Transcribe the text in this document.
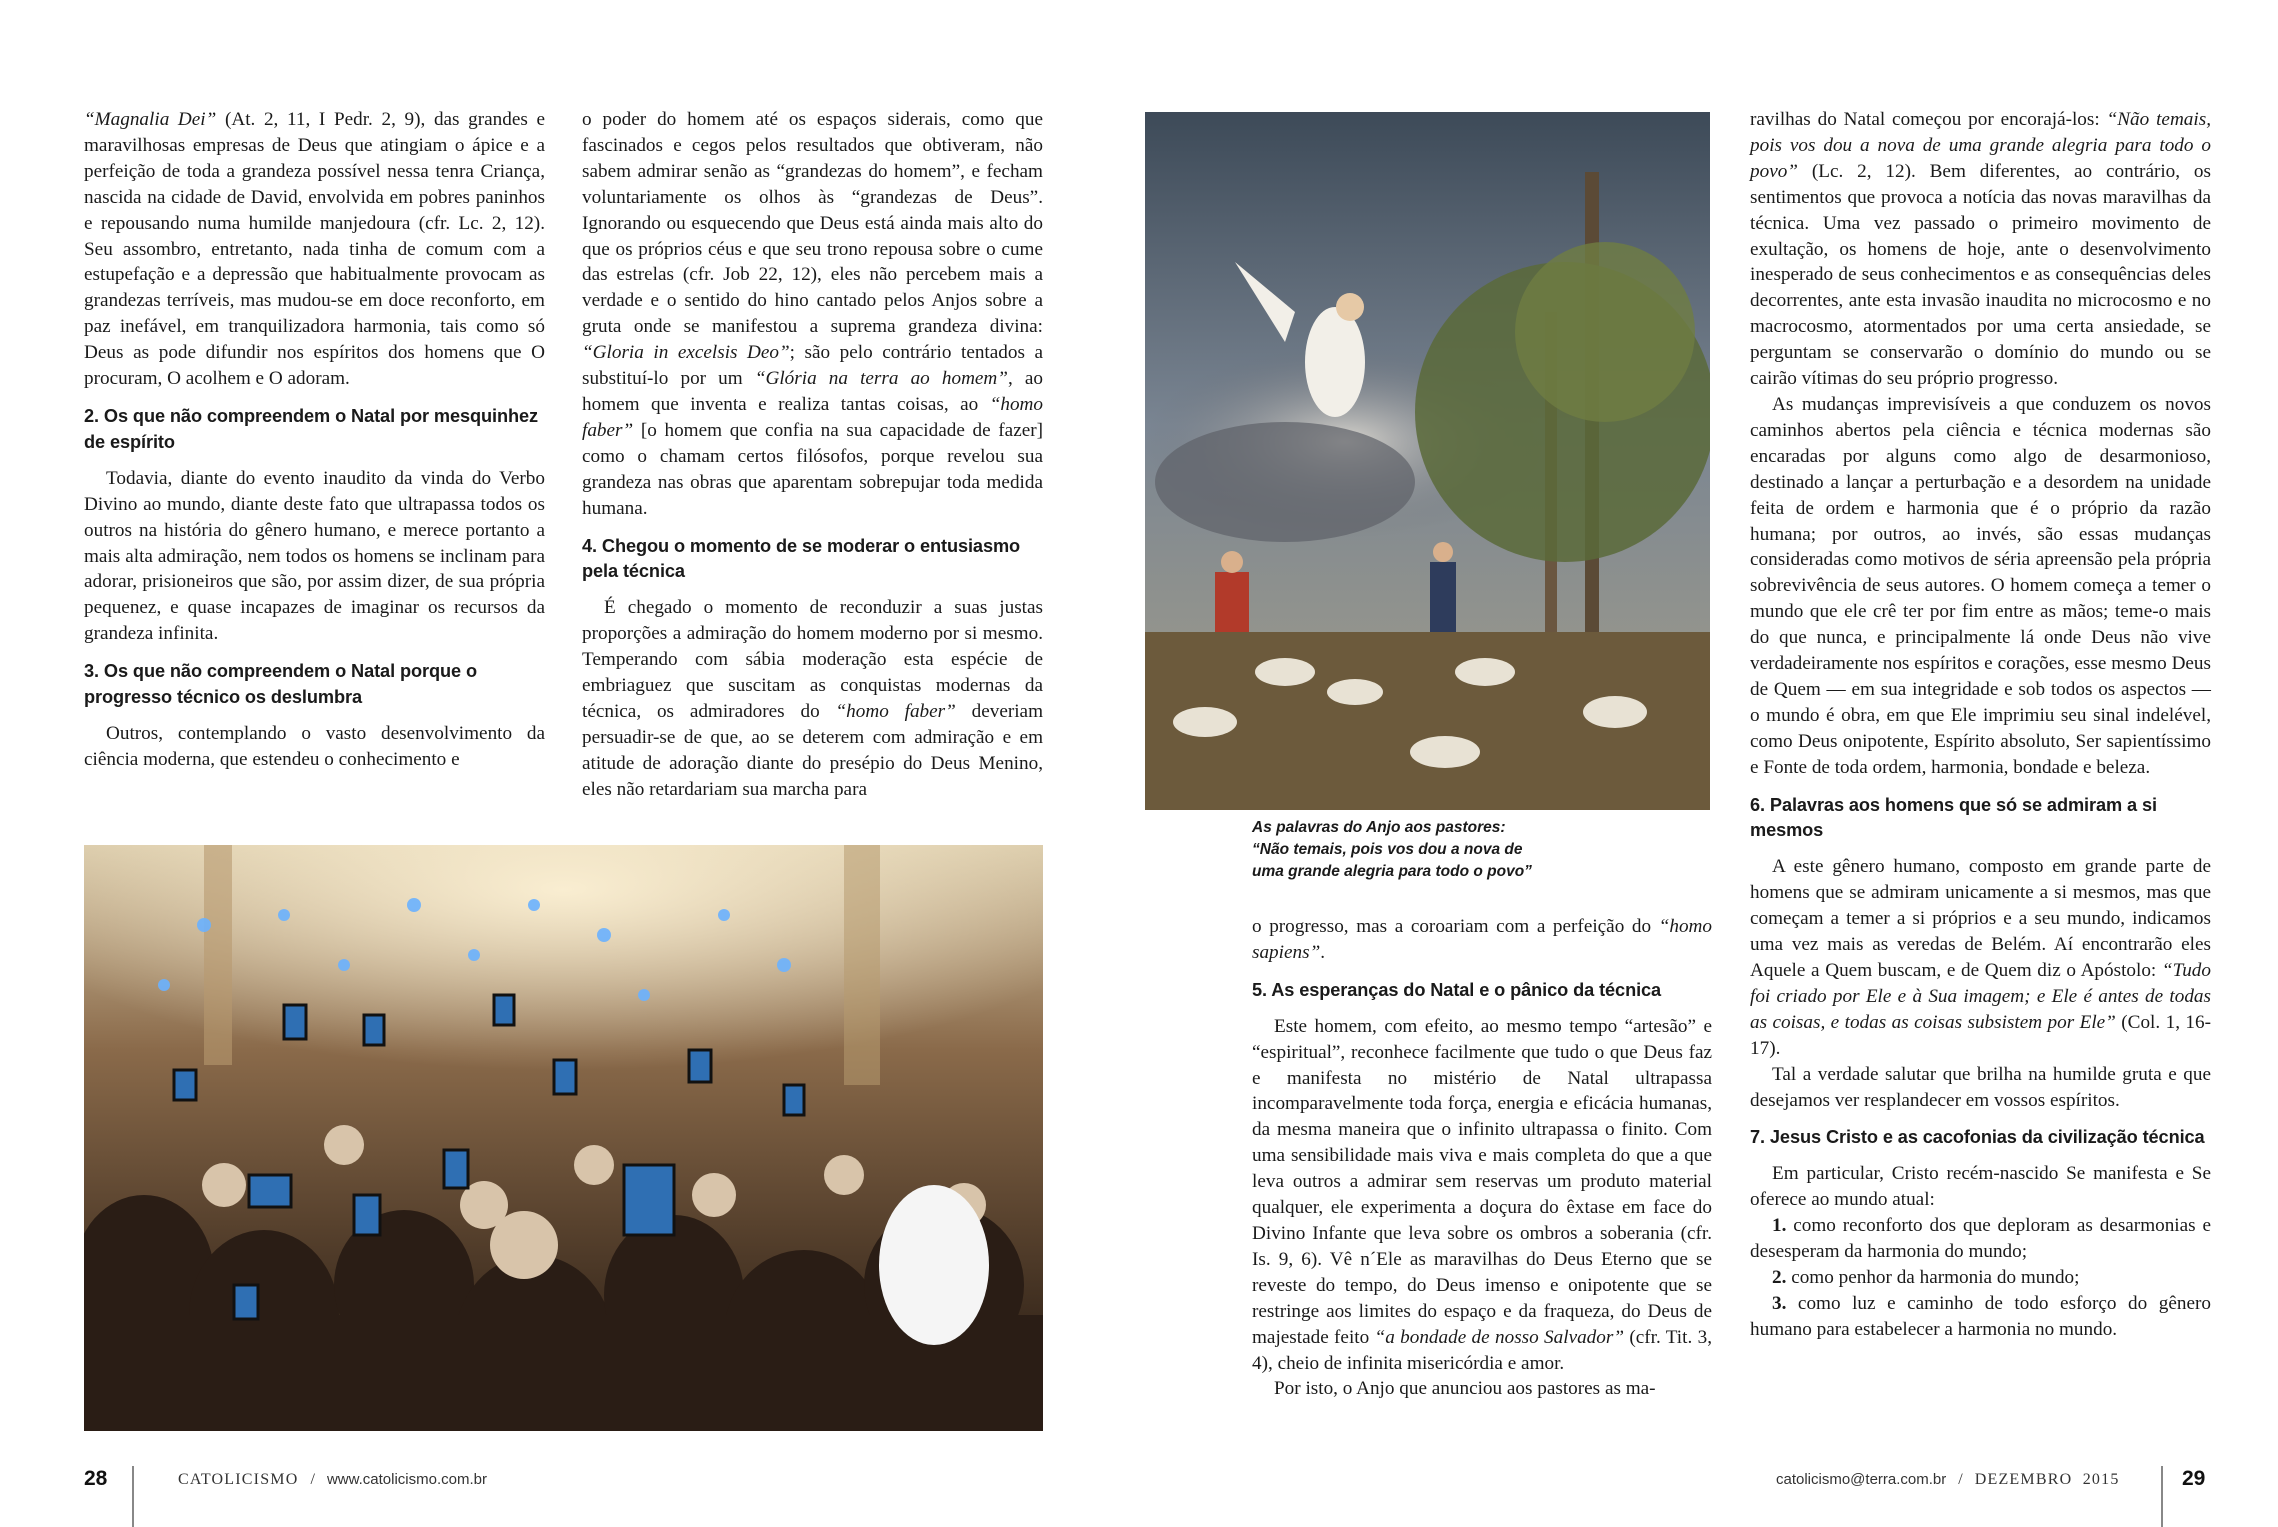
“Magnalia Dei” (At. 2, 11, I Pedr. 2, 9), das grandes e maravilhosas empresas de Deus que atingiam o ápice e a perfeição de toda a grandeza possível nessa tenra Criança, nascida na cidade de David, envolvida em pobres paninhos e repousando numa humilde manjedoura (cfr. Lc. 2, 12). Seu assombro, entretanto, nada tinha de comum com a estupefação e a depressão que habitualmente provocam as grandezas terríveis, mas mudou-se em doce reconforto, em paz inefável, em tranquilizadora harmonia, tais como só Deus as pode difundir nos espíritos dos homens que O procuram, O acolhem e O adoram.

2. Os que não compreendem o Natal por mesquinhez de espírito

Todavia, diante do evento inaudito da vinda do Verbo Divino ao mundo, diante deste fato que ultrapassa todos os outros na história do gênero humano, e merece portanto a mais alta admiração, nem todos os homens se inclinam para adorar, prisioneiros que são, por assim dizer, de sua própria pequenez, e quase incapazes de imaginar os recursos da grandeza infinita.

3. Os que não compreendem o Natal porque o progresso técnico os deslumbra

Outros, contemplando o vasto desenvolvimento da ciência moderna, que estendeu o conhecimento e

o poder do homem até os espaços siderais, como que fascinados e cegos pelos resultados que obtiveram, não sabem admirar senão as “grandezas do homem”, e fecham voluntariamente os olhos às “grandezas de Deus”. Ignorando ou esquecendo que Deus está ainda mais alto do que os próprios céus e que seu trono repousa sobre o cume das estrelas (cfr. Job 22, 12), eles não percebem mais a verdade e o sentido do hino cantado pelos Anjos sobre a gruta onde se manifestou a suprema grandeza divina: “Gloria in excelsis Deo”; são pelo contrário tentados a substituí-lo por um “Glória na terra ao homem”, ao homem que inventa e realiza tantas coisas, ao “homo faber” [o homem que confia na sua capacidade de fazer] como o chamam certos filósofos, porque revelou sua grandeza nas obras que aparentam sobrepujar toda medida humana.

4. Chegou o momento de se moderar o entusiasmo pela técnica

É chegado o momento de reconduzir a suas justas proporções a admiração do homem moderno por si mesmo. Temperando com sábia moderação esta espécie de embriaguez que suscitam as conquistas modernas da técnica, os admiradores do “homo faber” deveriam persuadir-se de que, ao se deterem com admiração e em atitude de adoração diante do presépio do Deus Menino, eles não retardariam sua marcha para

As palavras do Anjo aos pastores:
“Não temais, pois vos dou a nova de
uma grande alegria para todo o povo”

o progresso, mas a coroariam com a perfeição do “homo sapiens”.

5. As esperanças do Natal e o pânico da técnica

Este homem, com efeito, ao mesmo tempo “artesão” e “espiritual”, reconhece facilmente que tudo o que Deus faz e manifesta no mistério de Natal ultrapassa incomparavelmente toda força, energia e eficácia humanas, da mesma maneira que o infinito ultrapassa o finito. Com uma sensibilidade mais viva e mais completa do que a que leva outros a admirar sem reservas um produto material qualquer, ele experimenta a doçura do êxtase em face do Divino Infante que leva sobre os ombros a soberania (cfr. Is. 9, 6). Vê n´Ele as maravilhas do Deus Eterno que se reveste do tempo, do Deus imenso e onipotente que se restringe aos limites do espaço e da fraqueza, do Deus de majestade feito “a bondade de nosso Salvador” (cfr. Tit. 3, 4), cheio de infinita misericórdia e amor.

Por isto, o Anjo que anunciou aos pastores as ma-

ravilhas do Natal começou por encorajá-los: “Não temais, pois vos dou a nova de uma grande alegria para todo o povo” (Lc. 2, 12). Bem diferentes, ao contrário, os sentimentos que provoca a notícia das novas maravilhas da técnica. Uma vez passado o primeiro movimento de exultação, os homens de hoje, ante o desenvolvimento inesperado de seus conhecimentos e as consequências deles decorrentes, ante esta invasão inaudita no microcosmo e no macrocosmo, atormentados por uma certa ansiedade, se perguntam se conservarão o domínio do mundo ou se cairão vítimas do seu próprio progresso.

As mudanças imprevisíveis a que conduzem os novos caminhos abertos pela ciência e técnica modernas são encaradas por alguns como algo de desarmonioso, destinado a lançar a perturbação e a desordem na unidade feita de ordem e harmonia que é o próprio da razão humana; por outros, ao invés, são essas mudanças consideradas como motivos de séria apreensão pela própria sobrevivência de seus autores. O homem começa a temer o mundo que ele crê ter por fim entre as mãos; teme-o mais do que nunca, e principalmente lá onde Deus não vive verdadeiramente nos espíritos e corações, esse mesmo Deus de Quem — em sua integridade e sob todos os aspectos — o mundo é obra, em que Ele imprimiu seu sinal indelével, como Deus onipotente, Espírito absoluto, Ser sapientíssimo e Fonte de toda ordem, harmonia, bondade e beleza.

6. Palavras aos homens que só se admiram a si mesmos

A este gênero humano, composto em grande parte de homens que se admiram unicamente a si mesmos, mas que começam a temer a si próprios e a seu mundo, indicamos uma vez mais as veredas de Belém. Aí encontrarão eles Aquele a Quem buscam, e de Quem diz o Apóstolo: “Tudo foi criado por Ele e à Sua imagem; e Ele é antes de todas as coisas, e todas as coisas subsistem por Ele” (Col. 1, 16-17).

Tal a verdade salutar que brilha na humilde gruta e que desejamos ver resplandecer em vossos espíritos.

7. Jesus Cristo e as cacofonias da civilização técnica

Em particular, Cristo recém-nascido Se manifesta e Se oferece ao mundo atual:

1. como reconforto dos que deploram as desarmonias e desesperam da harmonia do mundo;

2. como penhor da harmonia do mundo;

3. como luz e caminho de todo esforço do gênero humano para estabelecer a harmonia no mundo.

28	CATOLICISMO / www.catolicismo.com.br	catolicismo@terra.com.br / DEZEMBRO  2015	29
